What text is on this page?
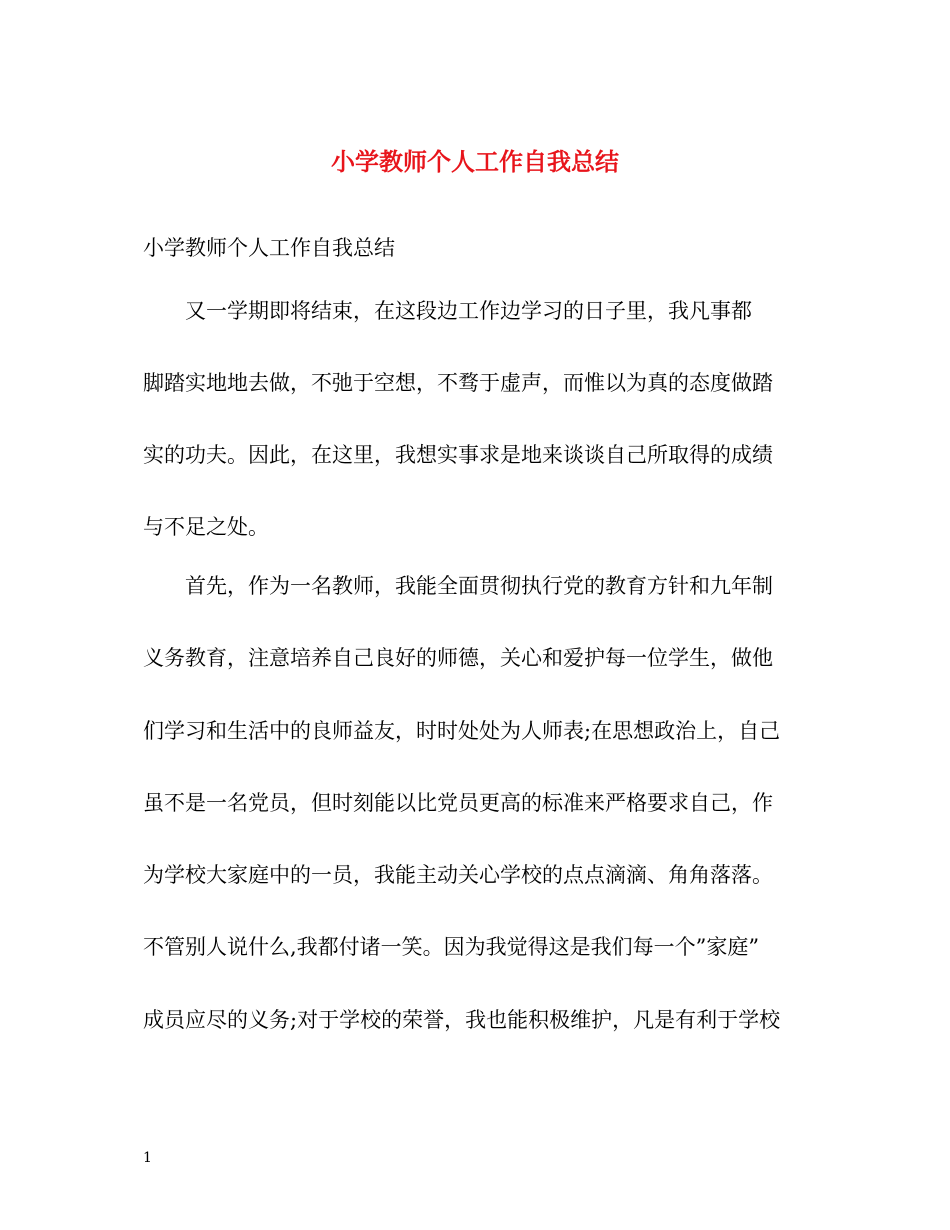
小学教师个人工作自我总结
小学教师个人工作自我总结
　　又一学期即将结束，在这段边工作边学习的日子里，我凡事都
脚踏实地地去做，不弛于空想，不骛于虚声，而惟以为真的态度做踏
实的功夫。因此，在这里，我想实事求是地来谈谈自己所取得的成绩
与不足之处。
　　首先，作为一名教师，我能全面贯彻执行党的教育方针和九年制
义务教育，注意培养自己良好的师德，关心和爱护每一位学生，做他
们学习和生活中的良师益友，时时处处为人师表;在思想政治上，自己
虽不是一名党员，但时刻能以比党员更高的标准来严格要求自己，作
为学校大家庭中的一员，我能主动关心学校的点点滴滴、角角落落。
不管别人说什么,我都付诸一笑。因为我觉得这是我们每一个”家庭”
成员应尽的义务;对于学校的荣誉，我也能积极维护，凡是有利于学校
1
